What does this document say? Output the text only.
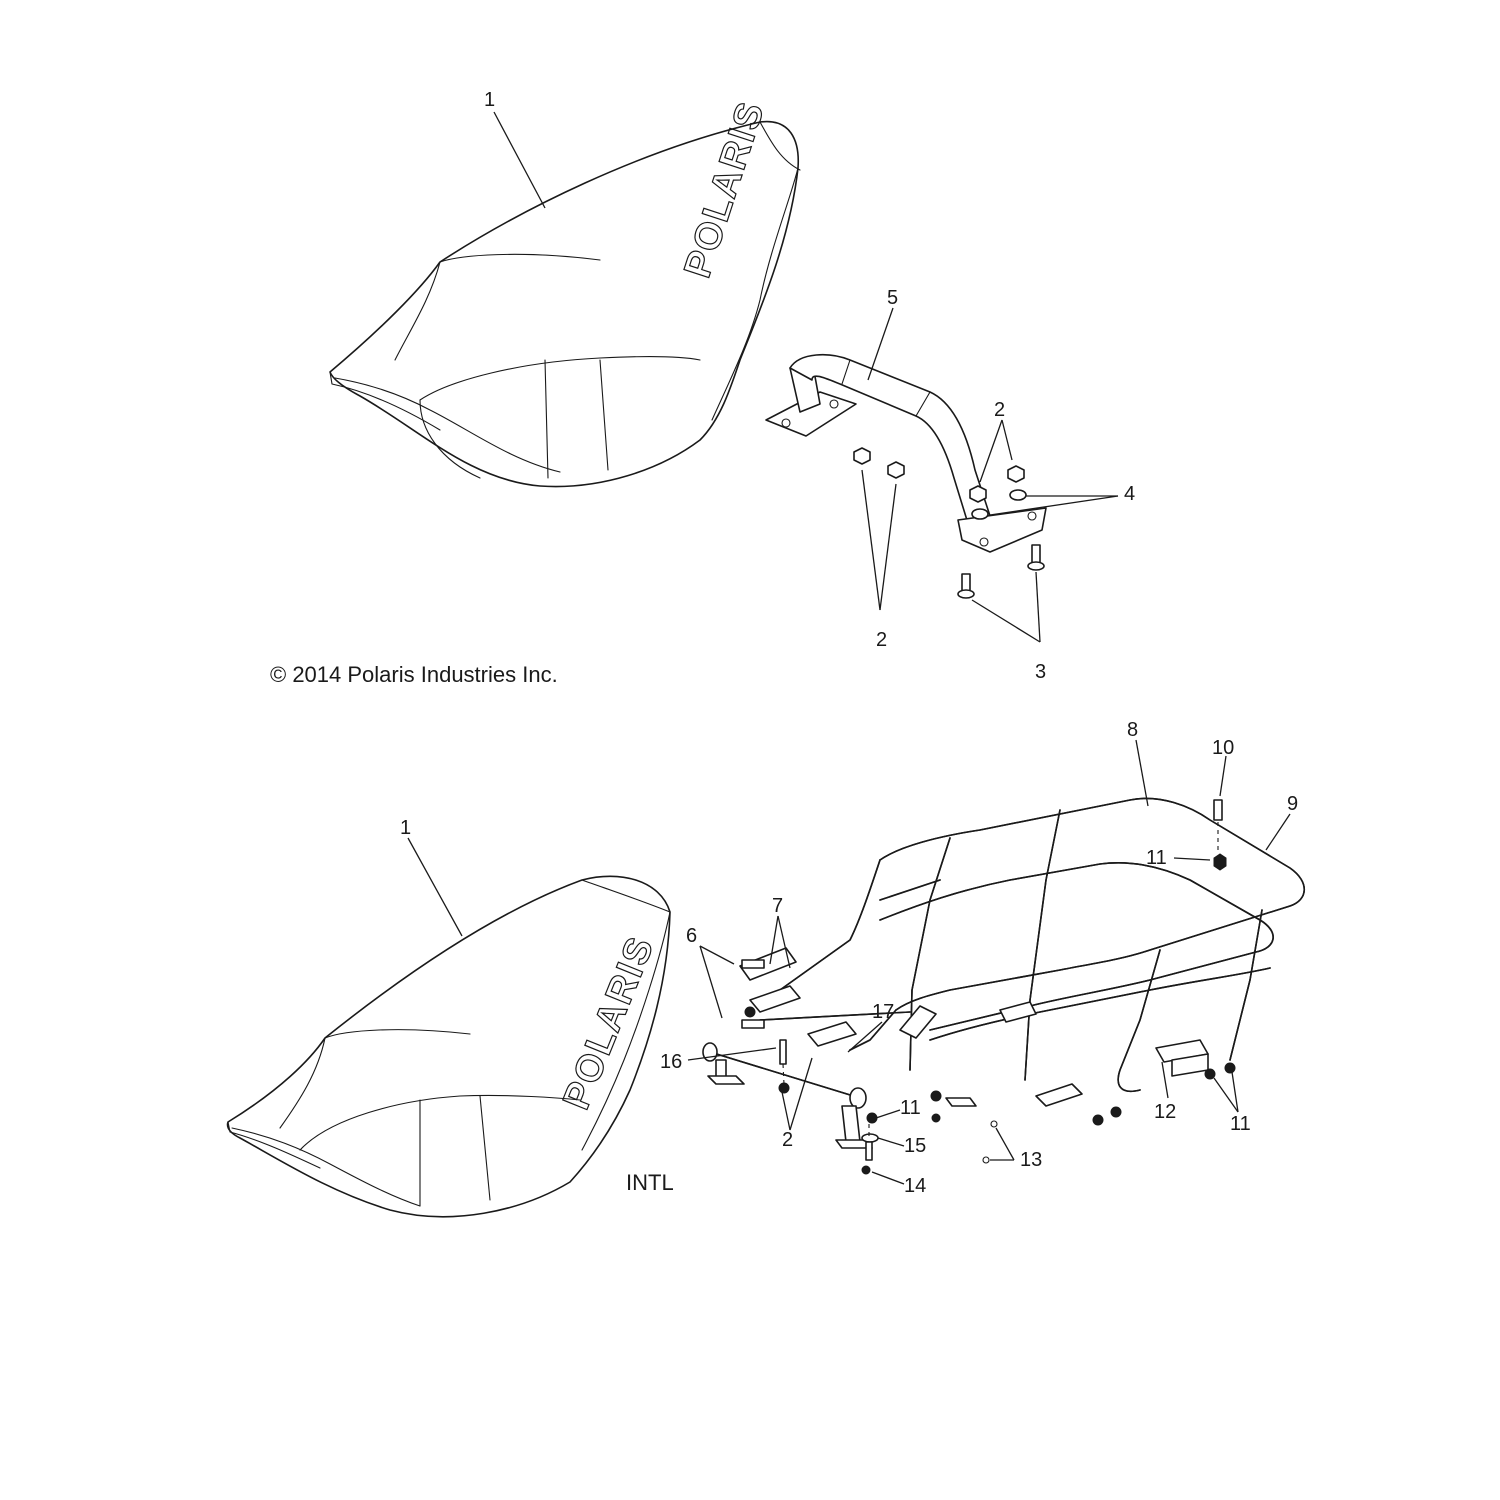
POLARIS
1
5
2
4
2
3
© 2014 Polaris Industries Inc.
POLARIS
1
8
10
9
11
7
6
17
16
2
11
15
14
13
12
11
INTL
